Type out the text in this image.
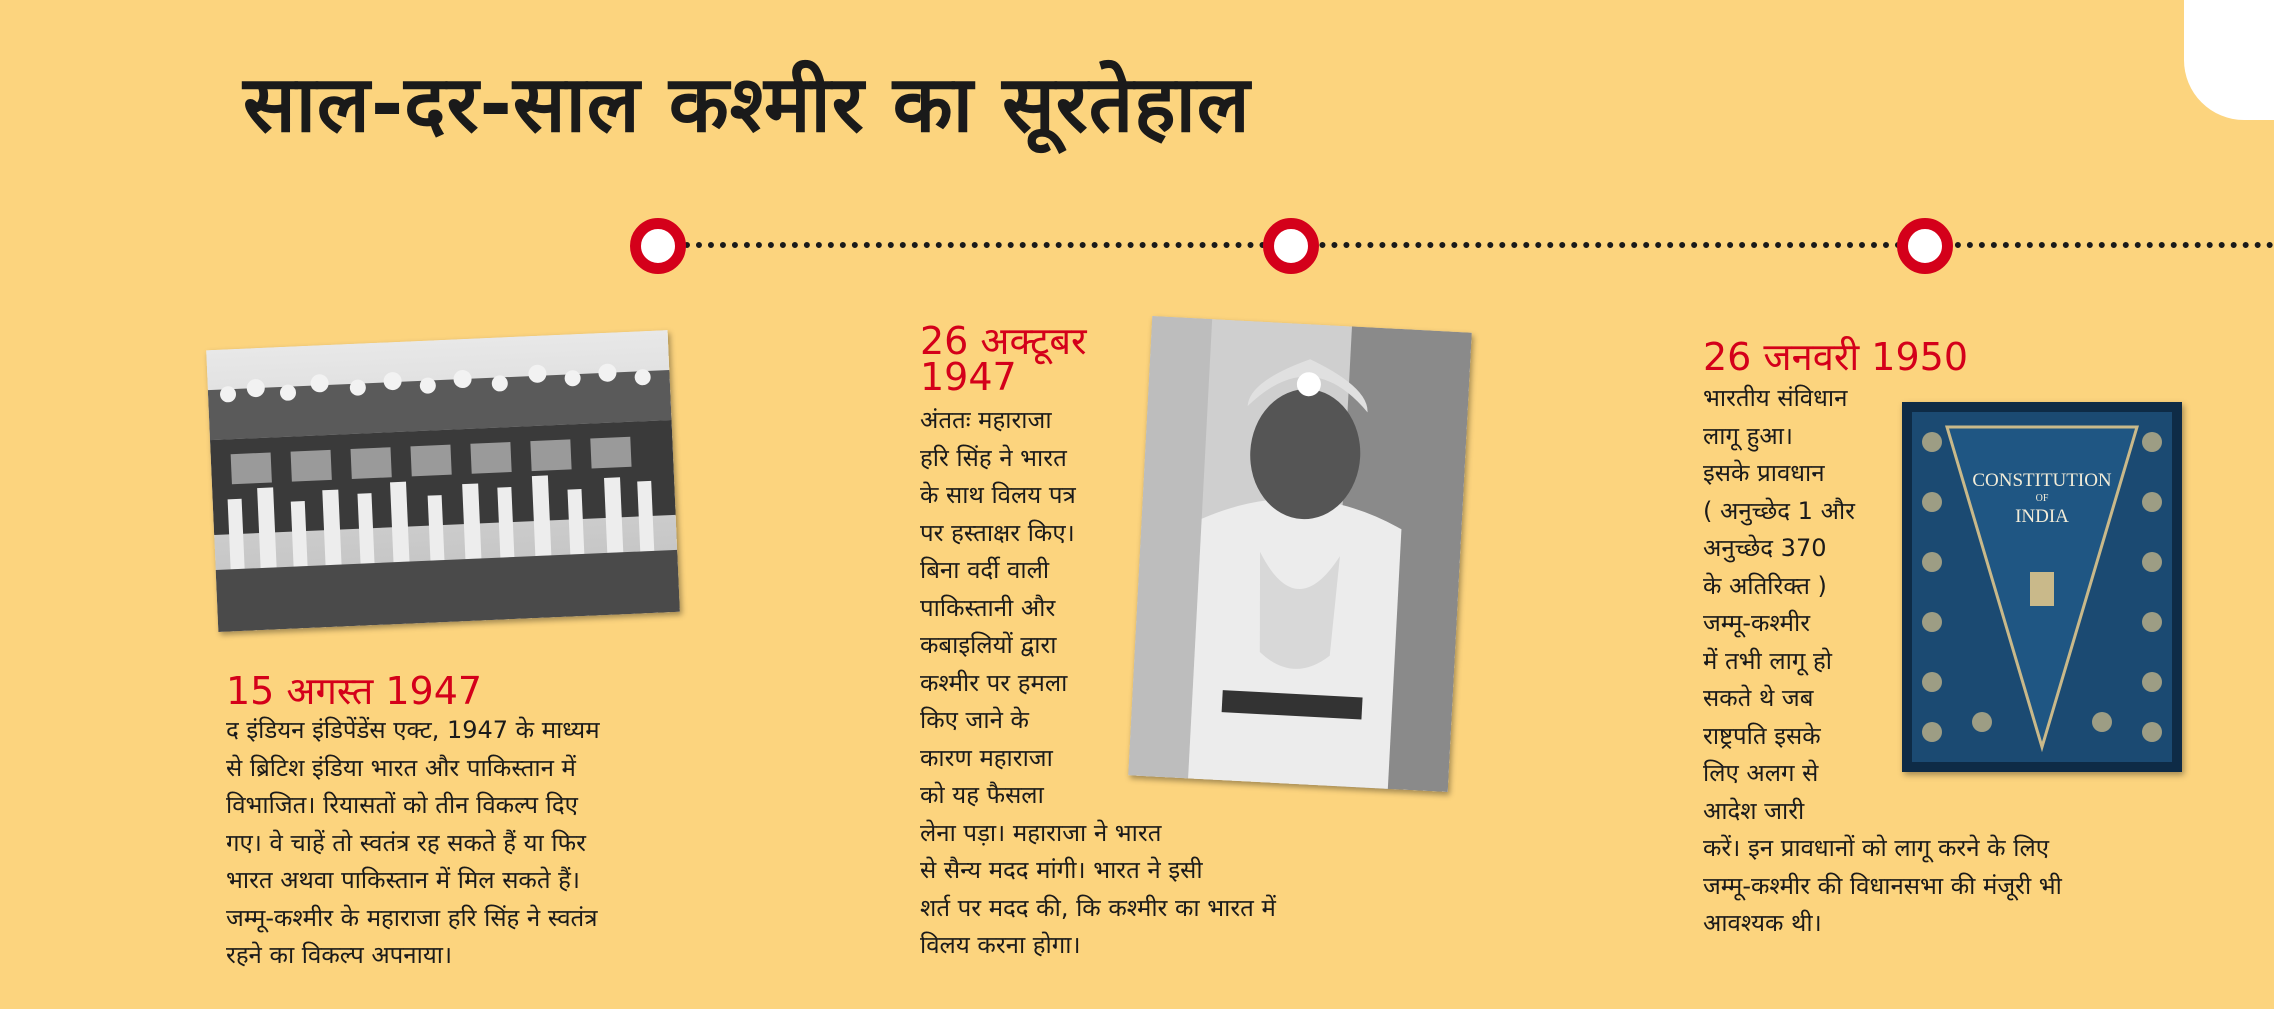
साल-दर-साल कश्मीर का सूरतेहाल
15 अगस्त 1947

द इंडियन इंडिपेंडेंस एक्ट, 1947 के माध्यम
से ब्रिटिश इंडिया भारत और पाकिस्तान में
विभाजित। रियासतों को तीन विकल्प दिए
गए। वे चाहें तो स्वतंत्र रह सकते हैं या फिर
भारत अथवा पाकिस्तान में मिल सकते हैं।
जम्मू-कश्मीर के महाराजा हरि सिंह ने स्वतंत्र
रहने का विकल्प अपनाया।

26 अक्टूबर
1947

अंततः महाराजा
हरि सिंह ने भारत
के साथ विलय पत्र
पर हस्ताक्षर किए।
बिना वर्दी वाली
पाकिस्तानी और
कबाइलियों द्वारा
कश्मीर पर हमला
किए जाने के
कारण महाराजा
को यह फैसला
लेना पड़ा। महाराजा ने भारत
से सैन्य मदद मांगी। भारत ने इसी
शर्त पर मदद की, कि कश्मीर का भारत में
विलय करना होगा।

CONSTITUTION
OF
INDIA
26 जनवरी 1950

भारतीय संविधान
लागू हुआ।
इसके प्रावधान
( अनुच्छेद 1 और
अनुच्छेद 370
के अतिरिक्त )
जम्मू-कश्मीर
में तभी लागू हो
सकते थे जब
राष्ट्रपति इसके
लिए अलग से
आदेश जारी
करें। इन प्रावधानों को लागू करने के लिए
जम्मू-कश्मीर की विधानसभा की मंजूरी भी
आवश्यक थी।
